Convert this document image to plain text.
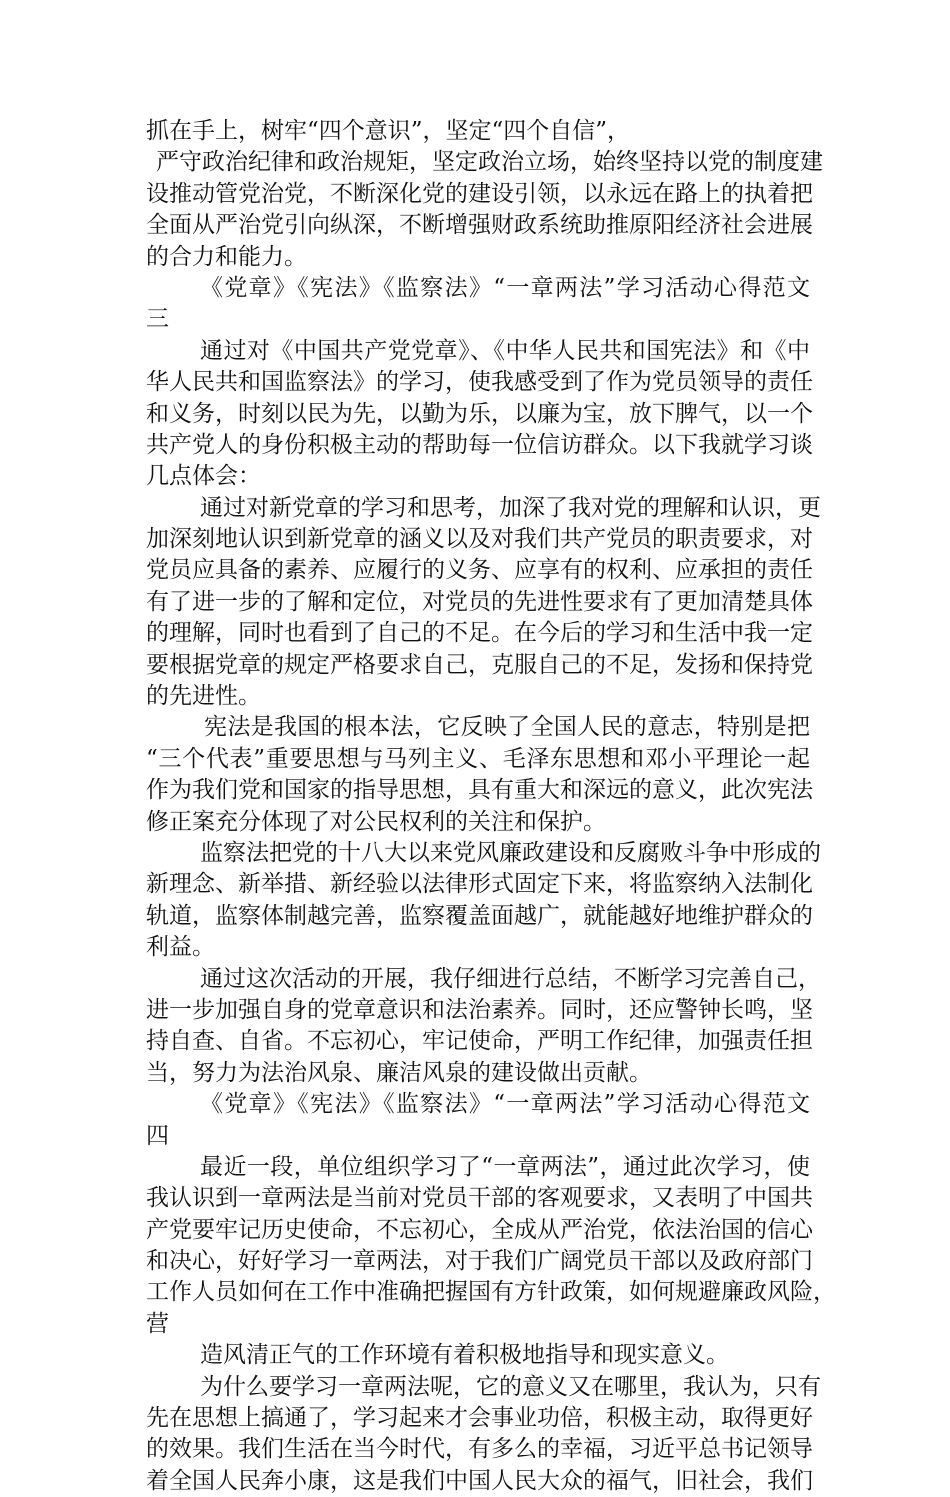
抓在手上，树牢“四个意识”，坚定“四个自信”，
严守政治纪律和政治规矩，坚定政治立场，始终坚持以党的制度建
设推动管党治党，不断深化党的建设引领，以永远在路上的执着把
全面从严治党引向纵深，不断增强财政系统助推原阳经济社会进展
的合力和能力。
《党章》《宪法》《监察法》“一章两法”学习活动心得范文
三
通过对《中国共产党党章》、《中华人民共和国宪法》和《中
华人民共和国监察法》的学习，使我感受到了作为党员领导的责任
和义务，时刻以民为先，以勤为乐，以廉为宝，放下脾气，以一个
共产党人的身份积极主动的帮助每一位信访群众。以下我就学习谈
几点体会：
通过对新党章的学习和思考，加深了我对党的理解和认识，更
加深刻地认识到新党章的涵义以及对我们共产党员的职责要求，对
党员应具备的素养、应履行的义务、应享有的权利、应承担的责任
有了进一步的了解和定位，对党员的先进性要求有了更加清楚具体
的理解，同时也看到了自己的不足。在今后的学习和生活中我一定
要根据党章的规定严格要求自己，克服自己的不足，发扬和保持党
的先进性。
宪法是我国的根本法，它反映了全国人民的意志，特别是把
“三个代表”重要思想与马列主义、毛泽东思想和邓小平理论一起
作为我们党和国家的指导思想，具有重大和深远的意义，此次宪法
修正案充分体现了对公民权利的关注和保护。
监察法把党的十八大以来党风廉政建设和反腐败斗争中形成的
新理念、新举措、新经验以法律形式固定下来，将监察纳入法制化
轨道，监察体制越完善，监察覆盖面越广，就能越好地维护群众的
利益。
通过这次活动的开展，我仔细进行总结，不断学习完善自己，
进一步加强自身的党章意识和法治素养。同时，还应警钟长鸣，坚
持自查、自省。不忘初心，牢记使命，严明工作纪律，加强责任担
当，努力为法治风泉、廉洁风泉的建设做出贡献。
《党章》《宪法》《监察法》“一章两法”学习活动心得范文
四
最近一段，单位组织学习了“一章两法”，通过此次学习，使
我认识到一章两法是当前对党员干部的客观要求，又表明了中国共
产党要牢记历史使命，不忘初心，全成从严治党，依法治国的信心
和决心，好好学习一章两法，对于我们广阔党员干部以及政府部门
工作人员如何在工作中准确把握国有方针政策，如何规避廉政风险，
营
造风清正气的工作环境有着积极地指导和现实意义。
为什么要学习一章两法呢，它的意义又在哪里，我认为，只有
先在思想上搞通了，学习起来才会事业功倍，积极主动，取得更好
的效果。我们生活在当今时代，有多么的幸福，习近平总书记领导
着全国人民奔小康，这是我们中国人民大众的福气，旧社会，我们
